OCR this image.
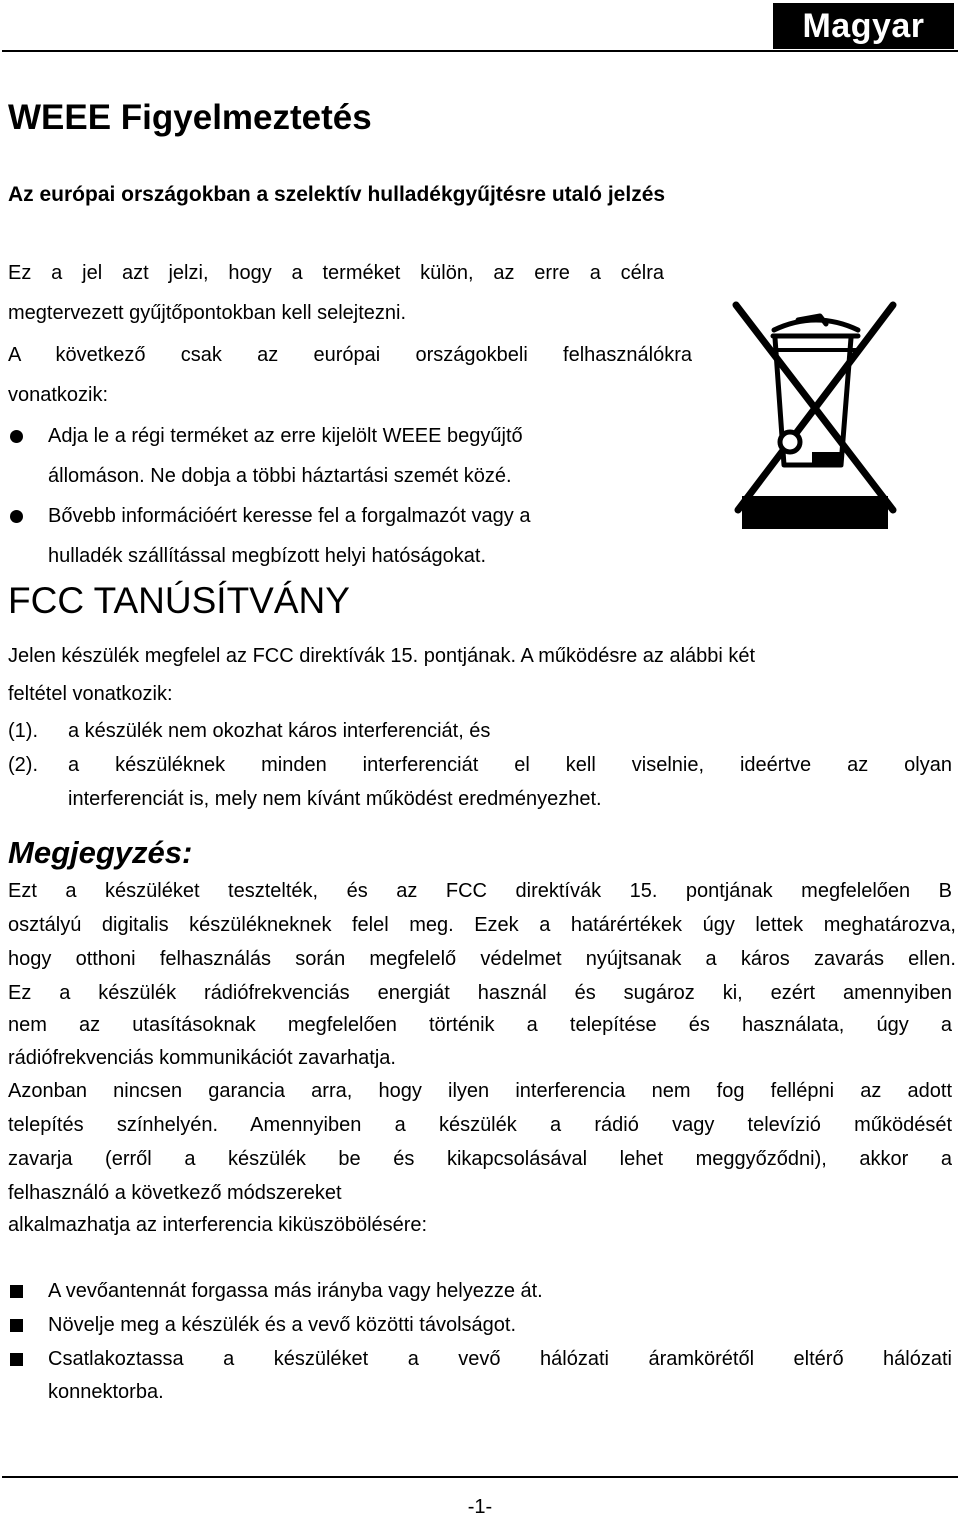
Magyar
WEEE Figyelmeztetés
Az európai országokban a szelektív hulladékgyűjtésre utaló jelzés
Ez a jel azt jelzi, hogy a terméket külön, az erre a célra
megtervezett gyűjtőpontokban kell selejtezni.
A következő csak az európai országokbeli felhasználókra
vonatkozik:
Adja le a régi terméket az erre kijelölt WEEE begyűjtő
állomáson. Ne dobja a többi háztartási szemét közé.
Bővebb információért keresse fel a forgalmazót vagy a
hulladék szállítással megbízott helyi hatóságokat.
FCC TANÚSÍTVÁNY
Jelen készülék megfelel az FCC direktívák 15. pontjának. A működésre az alábbi két
feltétel vonatkozik:
(1). a készülék nem okozhat káros interferenciát, és
(2). a készüléknek minden interferenciát el kell viselnie, ideértve az olyan
interferenciát is, mely nem kívánt működést eredményezhet.
Megjegyzés:
Ezt a készüléket tesztelték, és az FCC direktívák 15. pontjának megfelelően B
osztályú digitalis készülékneknek felel meg. Ezek a határértékek úgy lettek meghatározva,
hogy otthoni felhasználás során megfelelő védelmet nyújtsanak a káros zavarás ellen.
Ez a készülék rádiófrekvenciás energiát használ és sugároz ki, ezért amennyiben
nem az utasításoknak megfelelően történik a telepítése és használata, úgy a
rádiófrekvenciás kommunikációt zavarhatja.
Azonban nincsen garancia arra, hogy ilyen interferencia nem fog fellépni az adott
telepítés színhelyén. Amennyiben a készülék a rádió vagy televízió működését
zavarja (erről a készülék be és kikapcsolásával lehet meggyőződni), akkor a
felhasználó a következő módszereket
alkalmazhatja az interferencia kiküszöbölésére:
A vevőantennát forgassa más irányba vagy helyezze át.
Növelje meg a készülék és a vevő közötti távolságot.
Csatlakoztassa a készüléket a vevő hálózati áramkörétől eltérő hálózati
konnektorba.
-1-
